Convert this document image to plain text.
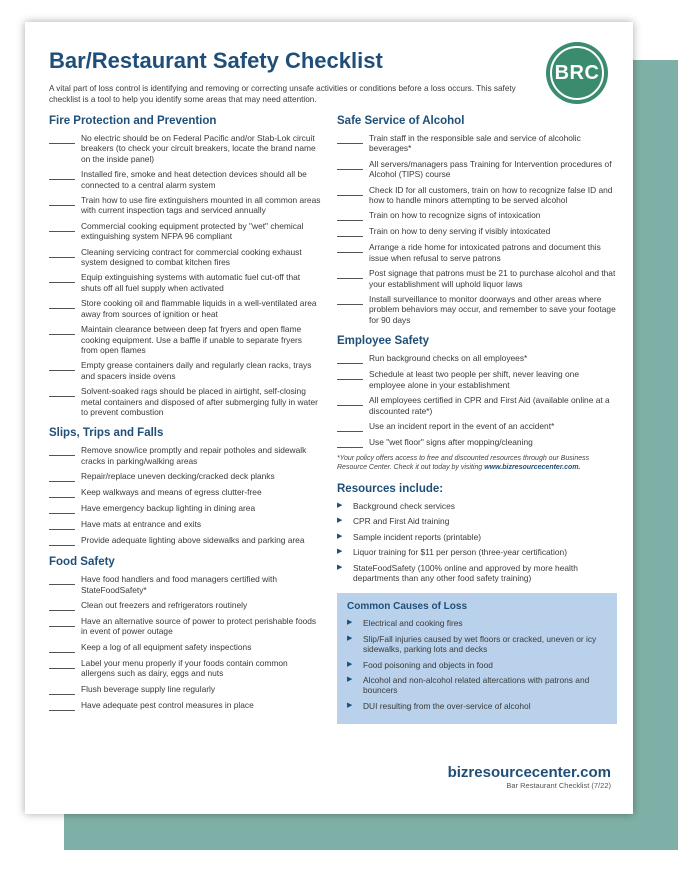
Bar/Restaurant Safety Checklist	BRC

A vital part of loss control is identifying and removing or correcting unsafe activities or conditions before a loss occurs. This safety checklist is a tool to help you identify some areas that may need attention.

Fire Protection and Prevention
No electric should be on Federal Pacific and/or Stab-Lok circuit breakers (to check your circuit breakers, locate the brand name on the inside panel)
Installed fire, smoke and heat detection devices should all be connected to a central alarm system
Train how to use fire extinguishers mounted in all common areas with current inspection tags and serviced annually
Commercial cooking equipment protected by "wet" chemical extinguishing system NFPA 96 compliant
Cleaning servicing contract for commercial cooking exhaust system designed to combat kitchen fires
Equip extinguishing systems with automatic fuel cut-off that shuts off all fuel supply when activated
Store cooking oil and flammable liquids in a well-ventilated area away from sources of ignition or heat
Maintain clearance between deep fat fryers and open flame cooking equipment. Use a baffle if unable to separate fryers from open flames
Empty grease containers daily and regularly clean racks, trays and spacers inside ovens
Solvent-soaked rags should be placed in airtight, self-closing metal containers and disposed of after submerging fully in water to prevent combustion
Slips, Trips and Falls
Remove snow/ice promptly and repair potholes and sidewalk cracks in parking/walking areas
Repair/replace uneven decking/cracked deck planks
Keep walkways and means of egress clutter-free
Have emergency backup lighting in dining area
Have mats at entrance and exits
Provide adequate lighting above sidewalks and parking area
Food Safety
Have food handlers and food managers certified with StateFoodSafety*
Clean out freezers and refrigerators routinely
Have an alternative source of power to protect perishable foods in event of power outage
Keep a log of all equipment safety inspections
Label your menu properly if your foods contain common allergens such as dairy, eggs and nuts
Flush beverage supply line regularly
Have adequate pest control measures in place
Safe Service of Alcohol
Train staff in the responsible sale and service of alcoholic beverages*
All servers/managers pass Training for Intervention procedures of Alcohol (TIPS) course
Check ID for all customers, train on how to recognize false ID and how to handle minors attempting to be served alcohol
Train on how to recognize signs of intoxication
Train on how to deny serving if visibly intoxicated
Arrange a ride home for intoxicated patrons and document this issue when refusal to serve patrons
Post signage that patrons must be 21 to purchase alcohol and that your establishment will uphold liquor laws
Install surveillance to monitor doorways and other areas where problem behaviors may occur, and remember to save your footage for 90 days
Employee Safety
Run background checks on all employees*
Schedule at least two people per shift, never leaving one employee alone in your establishment
All employees certified in CPR and First Aid (available online at a discounted rate*)
Use an incident report in the event of an accident*
Use "wet floor" signs after mopping/cleaning

*Your policy offers access to free and discounted resources through our Business Resource Center. Check it out today by visiting www.bizresourcecenter.com.

Resources include:
▶	Background check services
▶	CPR and First Aid training
▶	Sample incident reports (printable)
▶	Liquor training for $11 per person (three-year certification)
▶	StateFoodSafety (100% online and approved by more health departments than any other food safety training)
Common Causes of Loss
▶	Electrical and cooking fires
▶	Slip/Fall injuries caused by wet floors or cracked, uneven or icy sidewalks, parking lots and decks
▶	Food poisoning and objects in food
▶	Alcohol and non-alcohol related altercations with patrons and bouncers
▶	DUI resulting from the over-service of alcohol
bizresourcecenter.com
Bar Restaurant Checklist (7/22)
